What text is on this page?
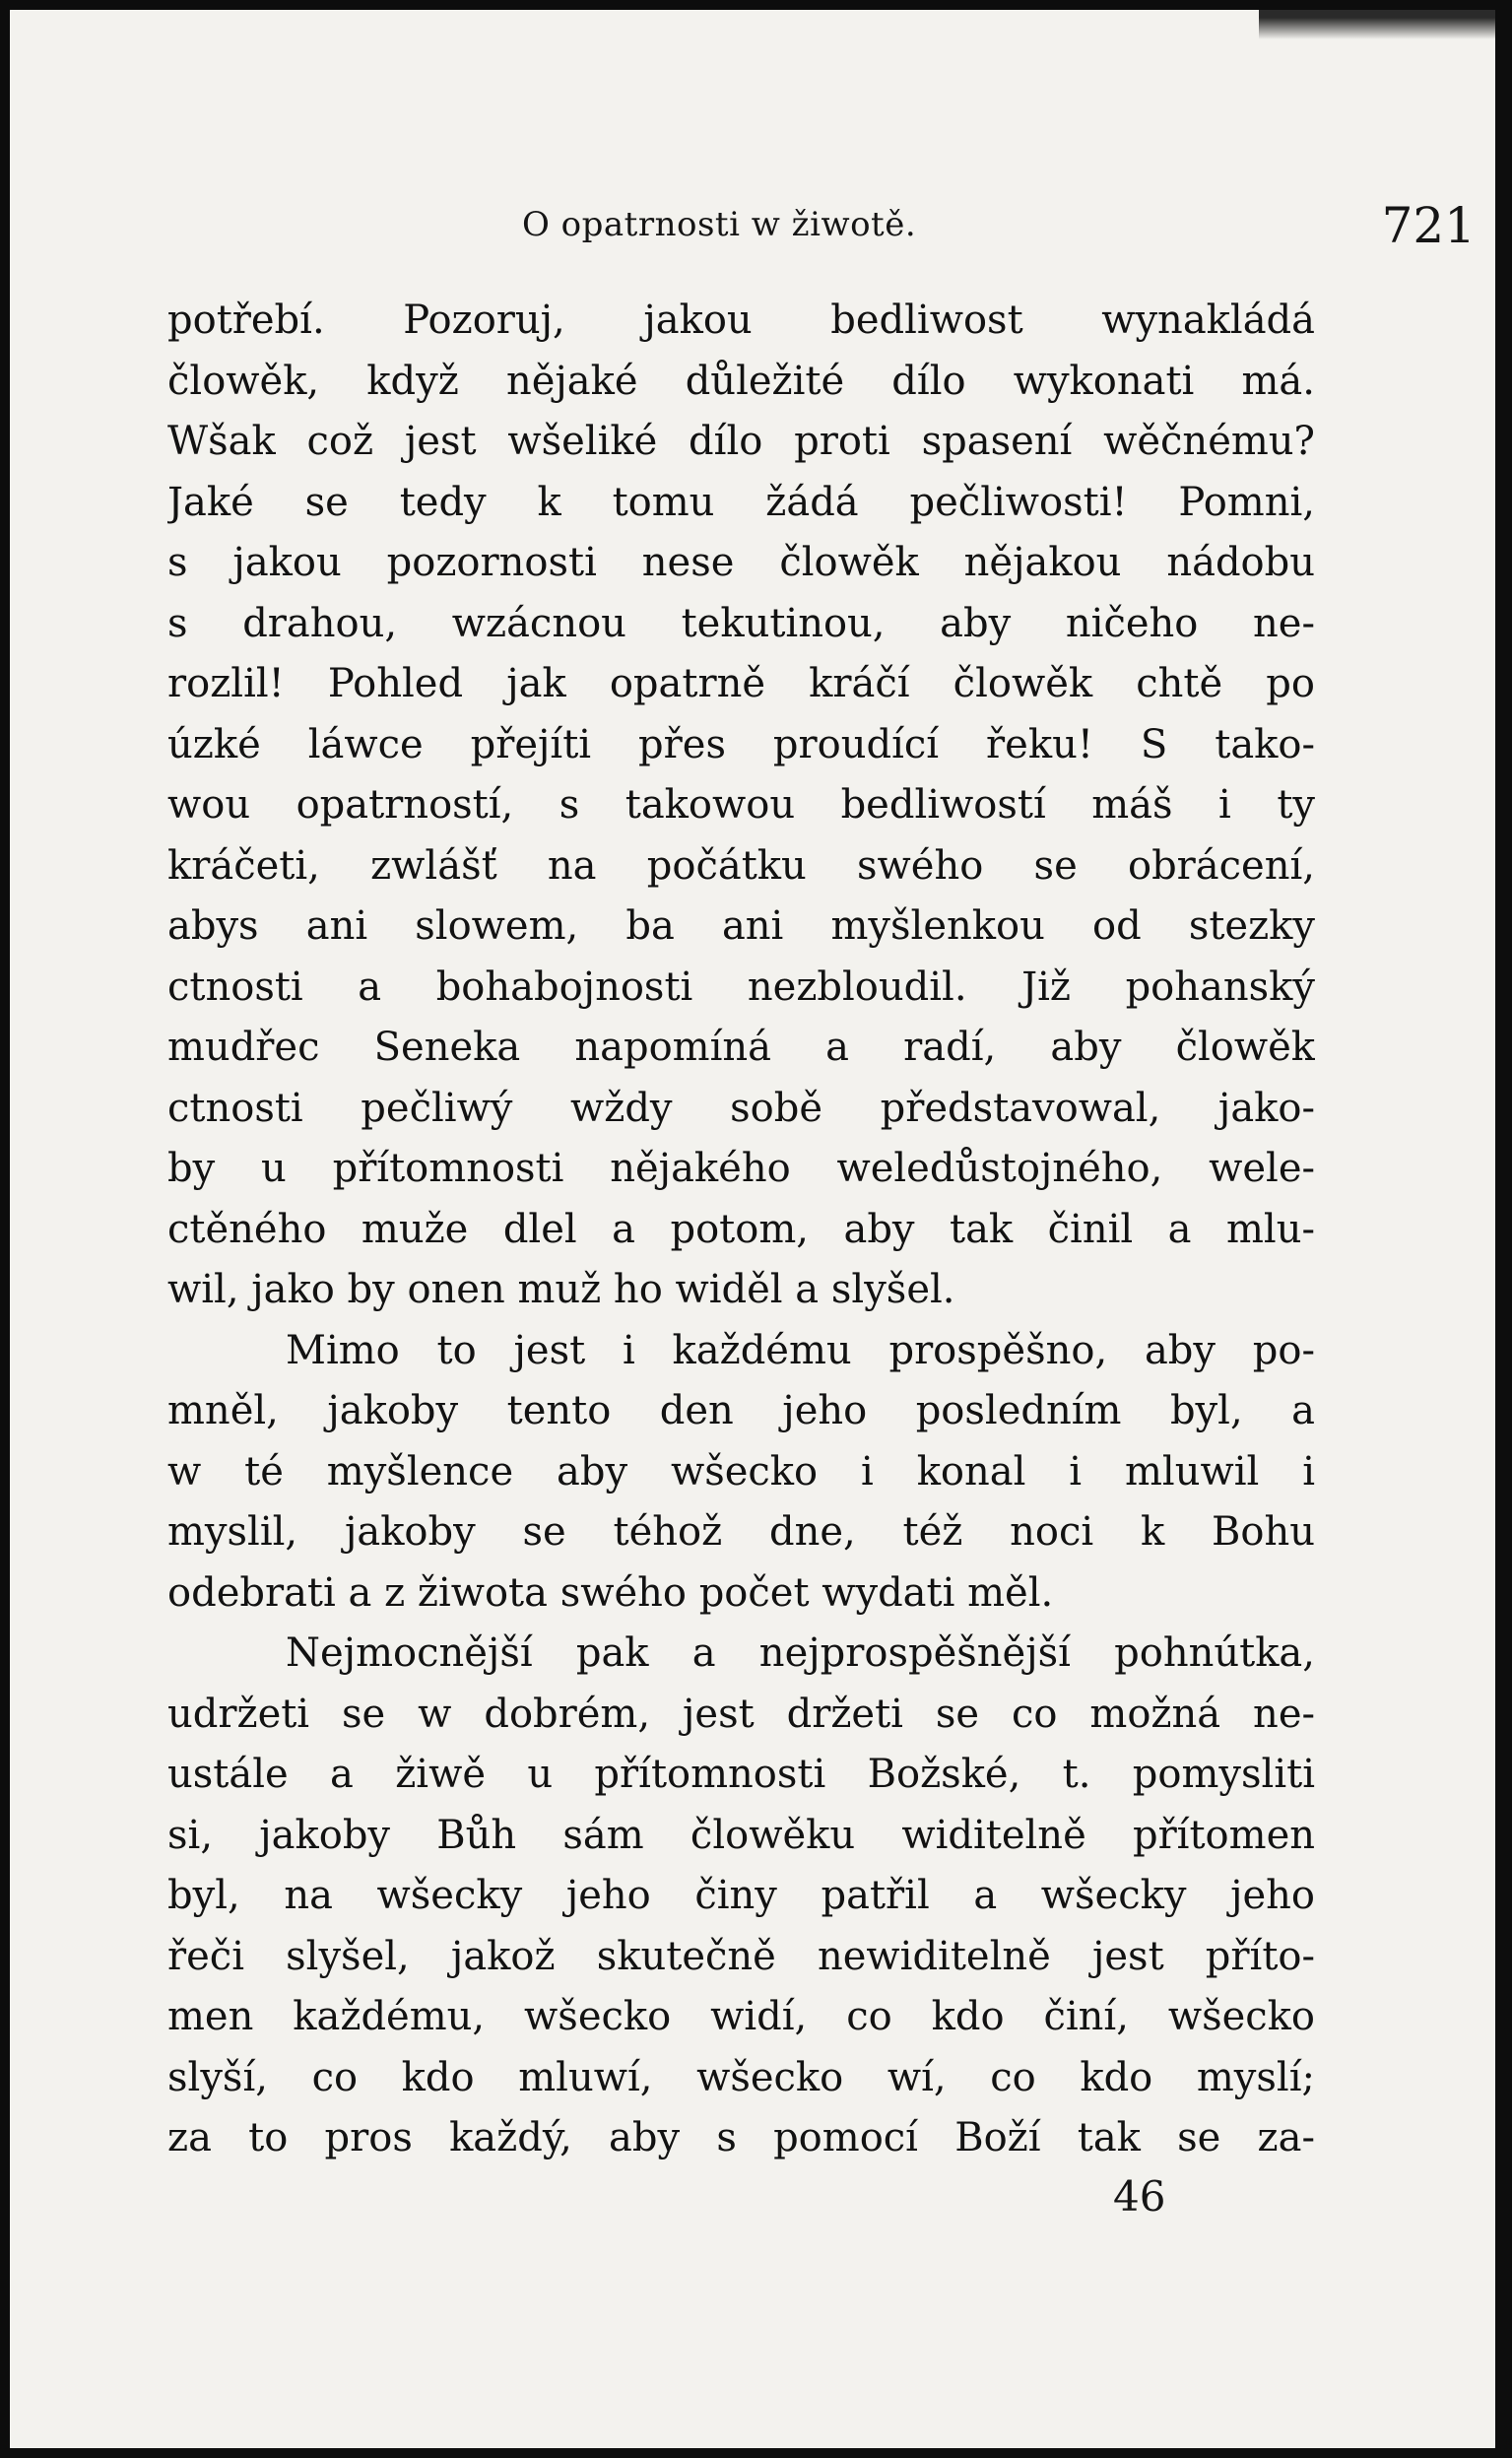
O opatrnosti w žiwotě.	721
potřebí. Pozoruj, jakou bedliwost wynakládá
člowěk, když nějaké důležité dílo wykonati má.
Wšak což jest wšeliké dílo proti spasení wěčnému?
Jaké se tedy k tomu žádá pečliwosti! Pomni,
s jakou pozornosti nese člowěk nějakou nádobu
s drahou, wzácnou tekutinou, aby ničeho ne-
rozlil! Pohled jak opatrně kráčí člowěk chtě po
úzké láwce přejíti přes proudící řeku! S tako-
wou opatrností, s takowou bedliwostí máš i ty
kráčeti, zwlášť na počátku swého se obrácení,
abys ani slowem, ba ani myšlenkou od stezky
ctnosti a bohabojnosti nezbloudil. Již pohanský
mudřec Seneka napomíná a radí, aby člowěk
ctnosti pečliwý wždy sobě představowal, jako-
by u přítomnosti nějakého weledůstojného, wele-
ctěného muže dlel a potom, aby tak činil a mlu-
wil, jako by onen muž ho widěl a slyšel.
Mimo to jest i každému prospěšno, aby po-
mněl, jakoby tento den jeho posledním byl, a
w té myšlence aby wšecko i konal i mluwil i
myslil, jakoby se téhož dne, též noci k Bohu
odebrati a z žiwota swého počet wydati měl.
Nejmocnější pak a nejprospěšnější pohnútka,
udržeti se w dobrém, jest držeti se co možná ne-
ustále a žiwě u přítomnosti Božské, t. pomysliti
si, jakoby Bůh sám člowěku widitelně přítomen
byl, na wšecky jeho činy patřil a wšecky jeho
řeči slyšel, jakož skutečně newiditelně jest příto-
men každému, wšecko widí, co kdo činí, wšecko
slyší, co kdo mluwí, wšecko wí, co kdo myslí;
za to pros každý, aby s pomocí Boží tak se za-
46
